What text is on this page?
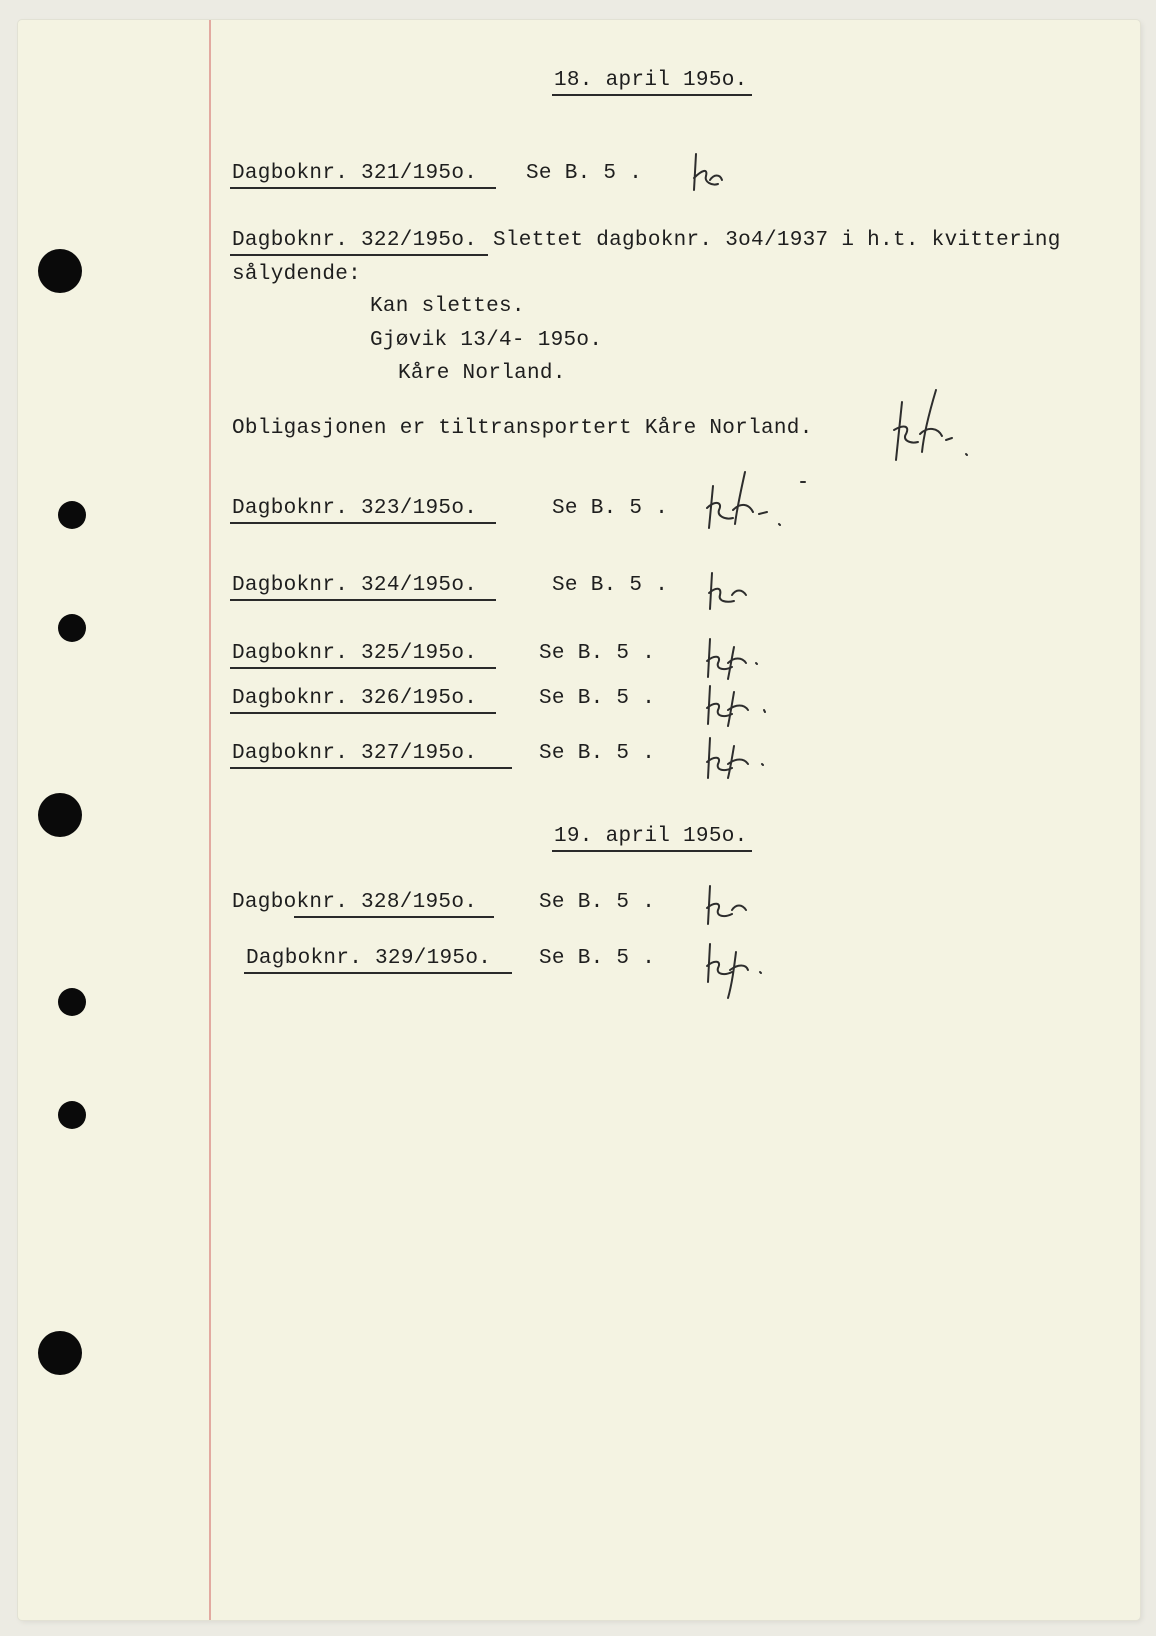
18. april 195o.
Dagboknr. 321/195o. Se B. 5 .
Dagboknr. 322/195o. Slettet dagboknr. 3o4/1937 i h.t. kvittering
sålydende:
Kan slettes.
Gjøvik 13/4- 195o.
Kåre Norland.
Obligasjonen er tiltransportert Kåre Norland.
Dagboknr. 323/195o.	Se B. 5 .
Dagboknr. 324/195o.	Se B. 5 .
Dagboknr. 325/195o.	Se B. 5 .
Dagboknr. 326/195o.	Se B. 5 .
Dagboknr. 327/195o.	Se B. 5 .
19. april 195o.
Dagboknr. 328/195o.	Se B. 5 .
Dagboknr. 329/195o. Se B. 5 .
